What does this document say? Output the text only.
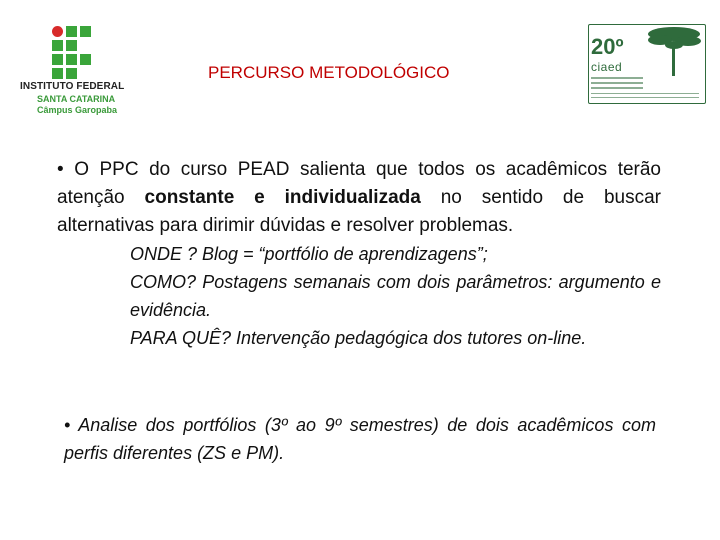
INSTITUTO FEDERAL
SANTA CATARINA
Câmpus Garopaba
PERCURSO METODOLÓGICO
20º
ciaed

• O PPC do curso PEAD salienta que todos os acadêmicos terão atenção constante e individualizada no sentido de buscar alternativas para dirimir dúvidas e resolver problemas.

ONDE ? Blog = “portfólio de aprendizagens”;

COMO? Postagens semanais com dois parâmetros: argumento e evidência.

PARA QUÊ? Intervenção pedagógica dos tutores on-line.

• Analise dos portfólios (3º ao 9º semestres) de dois acadêmicos com perfis diferentes (ZS e PM).
